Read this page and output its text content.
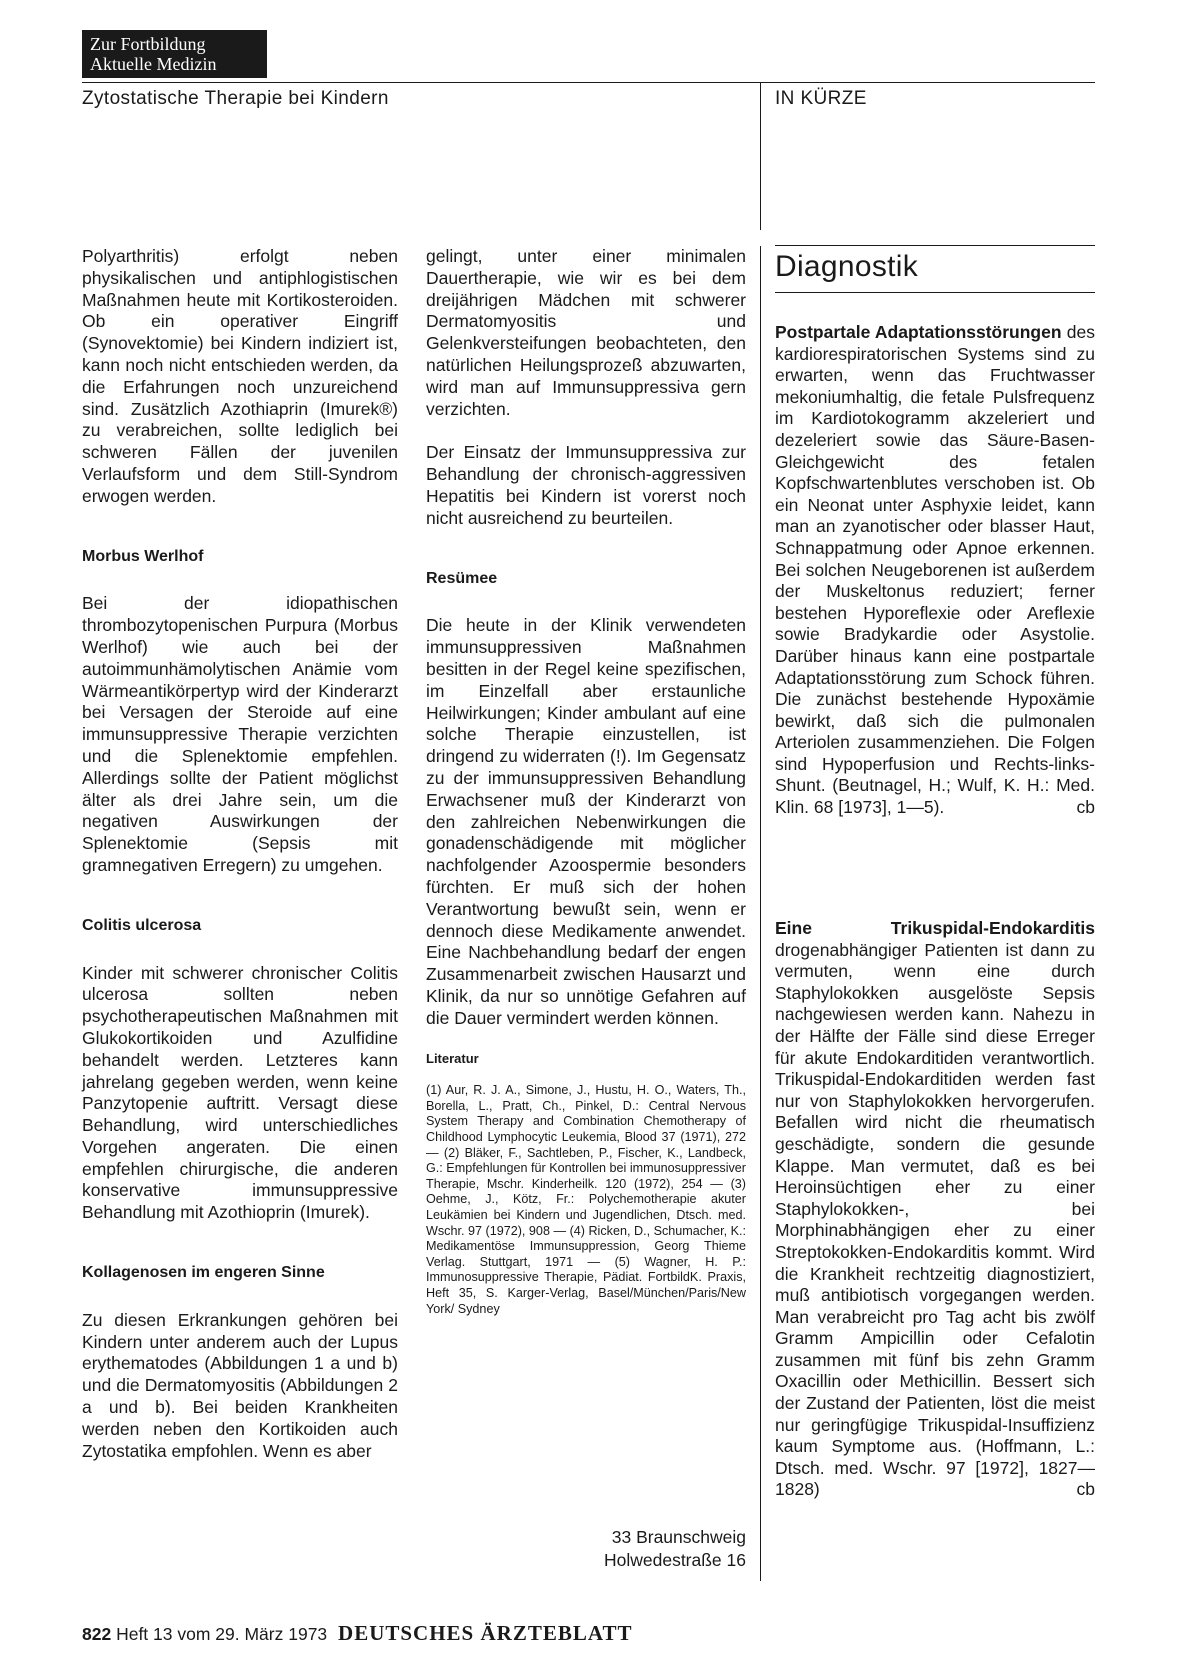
Zur Fortbildung
Aktuelle Medizin
Zytostatische Therapie bei Kindern	IN KÜRZE

Polyarthritis) erfolgt neben physikalischen und antiphlogistischen Maßnahmen heute mit Kortikosteroiden. Ob ein operativer Eingriff (Synovektomie) bei Kindern indiziert ist, kann noch nicht entschieden werden, da die Erfahrungen noch unzureichend sind. Zusätzlich Azothiaprin (Imurek®) zu verabreichen, sollte lediglich bei schweren Fällen der juvenilen Verlaufsform und dem Still-Syndrom erwogen werden.

Morbus Werlhof

Bei der idiopathischen thrombozytopenischen Purpura (Morbus Werlhof) wie auch bei der autoimmunhämolytischen Anämie vom Wärmeantikörpertyp wird der Kinderarzt bei Versagen der Steroide auf eine immunsuppressive Therapie verzichten und die Splenektomie empfehlen. Allerdings sollte der Patient möglichst älter als drei Jahre sein, um die negativen Auswirkungen der Splenektomie (Sepsis mit gramnegativen Erregern) zu umgehen.

Colitis ulcerosa

Kinder mit schwerer chronischer Colitis ulcerosa sollten neben psychotherapeutischen Maßnahmen mit Glukokortikoiden und Azulfidine behandelt werden. Letzteres kann jahrelang gegeben werden, wenn keine Panzytopenie auftritt. Versagt diese Behandlung, wird unterschiedliches Vorgehen angeraten. Die einen empfehlen chirurgische, die anderen konservative immunsuppressive Behandlung mit Azothioprin (Imurek).

Kollagenosen im engeren Sinne

Zu diesen Erkrankungen gehören bei Kindern unter anderem auch der Lupus erythematodes (Abbildungen 1 a und b) und die Dermatomyositis (Abbildungen 2 a und b). Bei beiden Krankheiten werden neben den Kortikoiden auch Zytostatika empfohlen. Wenn es aber

gelingt, unter einer minimalen Dauertherapie, wie wir es bei dem dreijährigen Mädchen mit schwerer Dermatomyositis und Gelenkversteifungen beobachteten, den natürlichen Heilungsprozeß abzuwarten, wird man auf Immunsuppressiva gern verzichten.

Der Einsatz der Immunsuppressiva zur Behandlung der chronisch-aggressiven Hepatitis bei Kindern ist vorerst noch nicht ausreichend zu beurteilen.

Resümee

Die heute in der Klinik verwendeten immunsuppressiven Maßnahmen besitten in der Regel keine spezifischen, im Einzelfall aber erstaunliche Heilwirkungen; Kinder ambulant auf eine solche Therapie einzustellen, ist dringend zu widerraten (!). Im Gegensatz zu der immunsuppressiven Behandlung Erwachsener muß der Kinderarzt von den zahlreichen Nebenwirkungen die gonadenschädigende mit möglicher nachfolgender Azoospermie besonders fürchten. Er muß sich der hohen Verantwortung bewußt sein, wenn er dennoch diese Medikamente anwendet. Eine Nachbehandlung bedarf der engen Zusammenarbeit zwischen Hausarzt und Klinik, da nur so unnötige Gefahren auf die Dauer vermindert werden können.

Literatur

(1) Aur, R. J. A., Simone, J., Hustu, H. O., Waters, Th., Borella, L., Pratt, Ch., Pinkel, D.: Central Nervous System Therapy and Combination Chemotherapy of Childhood Lymphocytic Leukemia, Blood 37 (1971), 272 — (2) Bläker, F., Sachtleben, P., Fischer, K., Landbeck, G.: Empfehlungen für Kontrollen bei immunosuppressiver Therapie, Mschr. Kinderheilk. 120 (1972), 254 — (3) Oehme, J., Kötz, Fr.: Polychemotherapie akuter Leukämien bei Kindern und Jugendlichen, Dtsch. med. Wschr. 97 (1972), 908 — (4) Ricken, D., Schumacher, K.: Medikamentöse Immunsuppression, Georg Thieme Verlag. Stuttgart, 1971 — (5) Wagner, H. P.: Immunosuppressive Therapie, Pädiat. FortbildK. Praxis, Heft 35, S. Karger-Verlag, Basel/München/Paris/New York/ Sydney

33 Braunschweig
Holwedestraße 16
Diagnostik
Postpartale Adaptationsstörungen des kardiorespiratorischen Systems sind zu erwarten, wenn das Fruchtwasser mekoniumhaltig, die fetale Pulsfrequenz im Kardiotokogramm akzeleriert und dezeleriert sowie das Säure-Basen-Gleichgewicht des fetalen Kopfschwartenblutes verschoben ist. Ob ein Neonat unter Asphyxie leidet, kann man an zyanotischer oder blasser Haut, Schnappatmung oder Apnoe erkennen. Bei solchen Neugeborenen ist außerdem der Muskeltonus reduziert; ferner bestehen Hyporeflexie oder Areflexie sowie Bradykardie oder Asystolie. Darüber hinaus kann eine postpartale Adaptationsstörung zum Schock führen. Die zunächst bestehende Hypoxämie bewirkt, daß sich die pulmonalen Arteriolen zusammenziehen. Die Folgen sind Hypoperfusion und Rechts-links-Shunt. (Beutnagel, H.; Wulf, K. H.: Med. Klin. 68 [1973], 1—5).	cb
Eine Trikuspidal-Endokarditis drogenabhängiger Patienten ist dann zu vermuten, wenn eine durch Staphylokokken ausgelöste Sepsis nachgewiesen werden kann. Nahezu in der Hälfte der Fälle sind diese Erreger für akute Endokarditiden verantwortlich. Trikuspidal-Endokarditiden werden fast nur von Staphylokokken hervorgerufen. Befallen wird nicht die rheumatisch geschädigte, sondern die gesunde Klappe. Man vermutet, daß es bei Heroinsüchtigen eher zu einer Staphylokokken-, bei Morphinabhängigen eher zu einer Streptokokken-Endokarditis kommt. Wird die Krankheit rechtzeitig diagnostiziert, muß antibiotisch vorgegangen werden. Man verabreicht pro Tag acht bis zwölf Gramm Ampicillin oder Cefalotin zusammen mit fünf bis zehn Gramm Oxacillin oder Methicillin. Bessert sich der Zustand der Patienten, löst die meist nur geringfügige Trikuspidal-Insuffizienz kaum Symptome aus. (Hoffmann, L.: Dtsch. med. Wschr. 97 [1972], 1827—1828)	cb
822 Heft 13 vom 29. März 1973 DEUTSCHES ÄRZTEBLATT
